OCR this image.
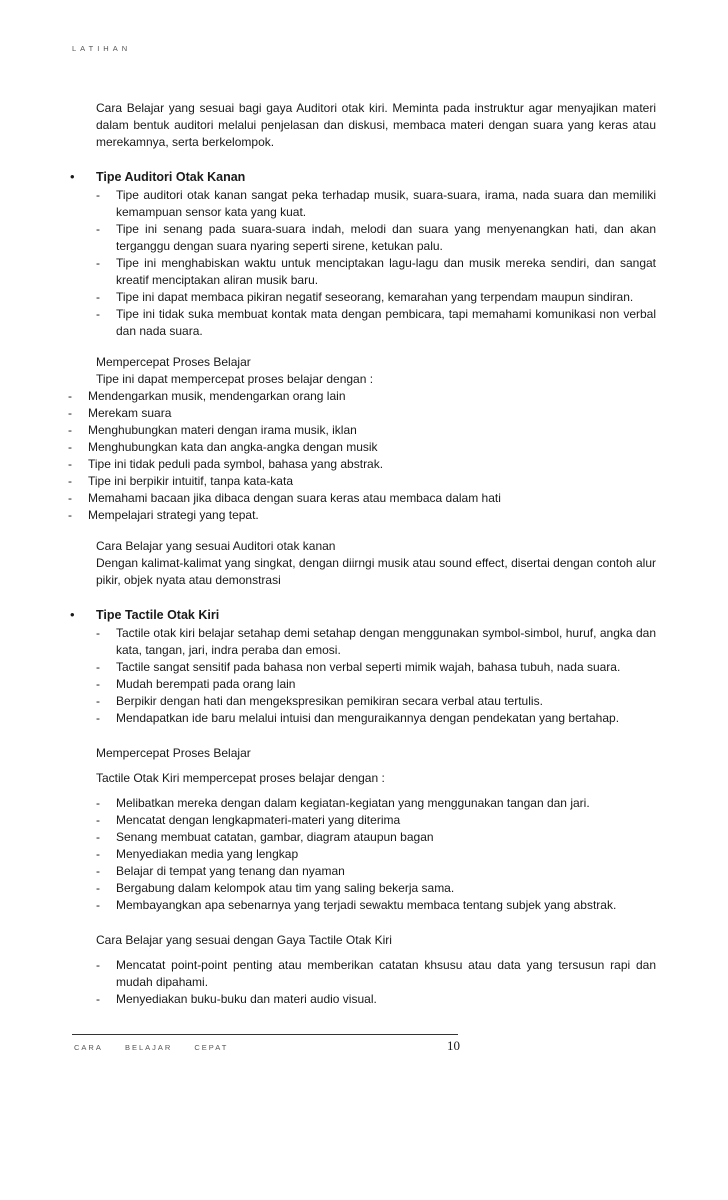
LATIHAN

Cara Belajar yang sesuai bagi gaya Auditori otak kiri. Meminta pada instruktur agar menyajikan materi dalam bentuk auditori melalui penjelasan dan diskusi, membaca materi dengan suara yang keras atau merekamnya, serta berkelompok.

• Tipe Auditori Otak Kanan
- Tipe auditori otak kanan sangat peka terhadap musik, suara-suara, irama, nada suara dan memiliki kemampuan sensor kata yang kuat.
- Tipe ini senang pada suara-suara indah, melodi dan suara yang menyenangkan hati, dan akan terganggu dengan suara nyaring seperti sirene, ketukan palu.
- Tipe ini menghabiskan waktu untuk menciptakan lagu-lagu dan musik mereka sendiri, dan sangat kreatif menciptakan aliran musik baru.
- Tipe ini dapat membaca pikiran negatif seseorang, kemarahan yang terpendam maupun sindiran.
- Tipe ini tidak suka membuat kontak mata dengan pembicara, tapi memahami komunikasi non verbal dan nada suara.

Mempercepat Proses Belajar

Tipe ini dapat mempercepat proses belajar dengan :

- Mendengarkan musik, mendengarkan orang lain
- Merekam suara
- Menghubungkan materi dengan irama musik, iklan
- Menghubungkan kata dan angka-angka dengan musik
- Tipe ini tidak peduli pada symbol, bahasa yang abstrak.
- Tipe ini berpikir intuitif, tanpa kata-kata
- Memahami bacaan jika dibaca dengan suara keras atau membaca dalam hati
- Mempelajari strategi yang tepat.

Cara Belajar yang sesuai Auditori otak kanan

Dengan kalimat-kalimat yang singkat, dengan diirngi musik atau sound effect, disertai dengan contoh alur pikir, objek nyata atau demonstrasi

• Tipe Tactile Otak Kiri
- Tactile otak kiri belajar setahap demi setahap dengan menggunakan symbol-simbol, huruf, angka dan kata, tangan, jari, indra peraba dan emosi.
- Tactile sangat sensitif pada bahasa non verbal seperti mimik wajah, bahasa tubuh, nada suara.
- Mudah berempati pada orang lain
- Berpikir dengan hati dan mengekspresikan pemikiran secara verbal atau tertulis.
- Mendapatkan ide baru melalui intuisi dan menguraikannya dengan pendekatan yang bertahap.

Mempercepat Proses Belajar

Tactile Otak Kiri mempercepat proses belajar dengan :

- Melibatkan mereka dengan dalam kegiatan-kegiatan yang menggunakan tangan dan jari.
- Mencatat dengan lengkapmateri-materi yang diterima
- Senang membuat catatan, gambar, diagram ataupun bagan
- Menyediakan media yang lengkap
- Belajar di tempat yang tenang dan nyaman
- Bergabung dalam kelompok atau tim yang saling bekerja sama.
- Membayangkan apa sebenarnya yang terjadi sewaktu membaca tentang subjek yang abstrak.

Cara Belajar yang sesuai dengan Gaya Tactile Otak Kiri

- Mencatat point-point penting atau memberikan catatan khsusu atau data yang tersusun rapi dan mudah dipahami.
- Menyediakan buku-buku dan materi audio visual.
CARA	BELAJAR	CEPAT	10
